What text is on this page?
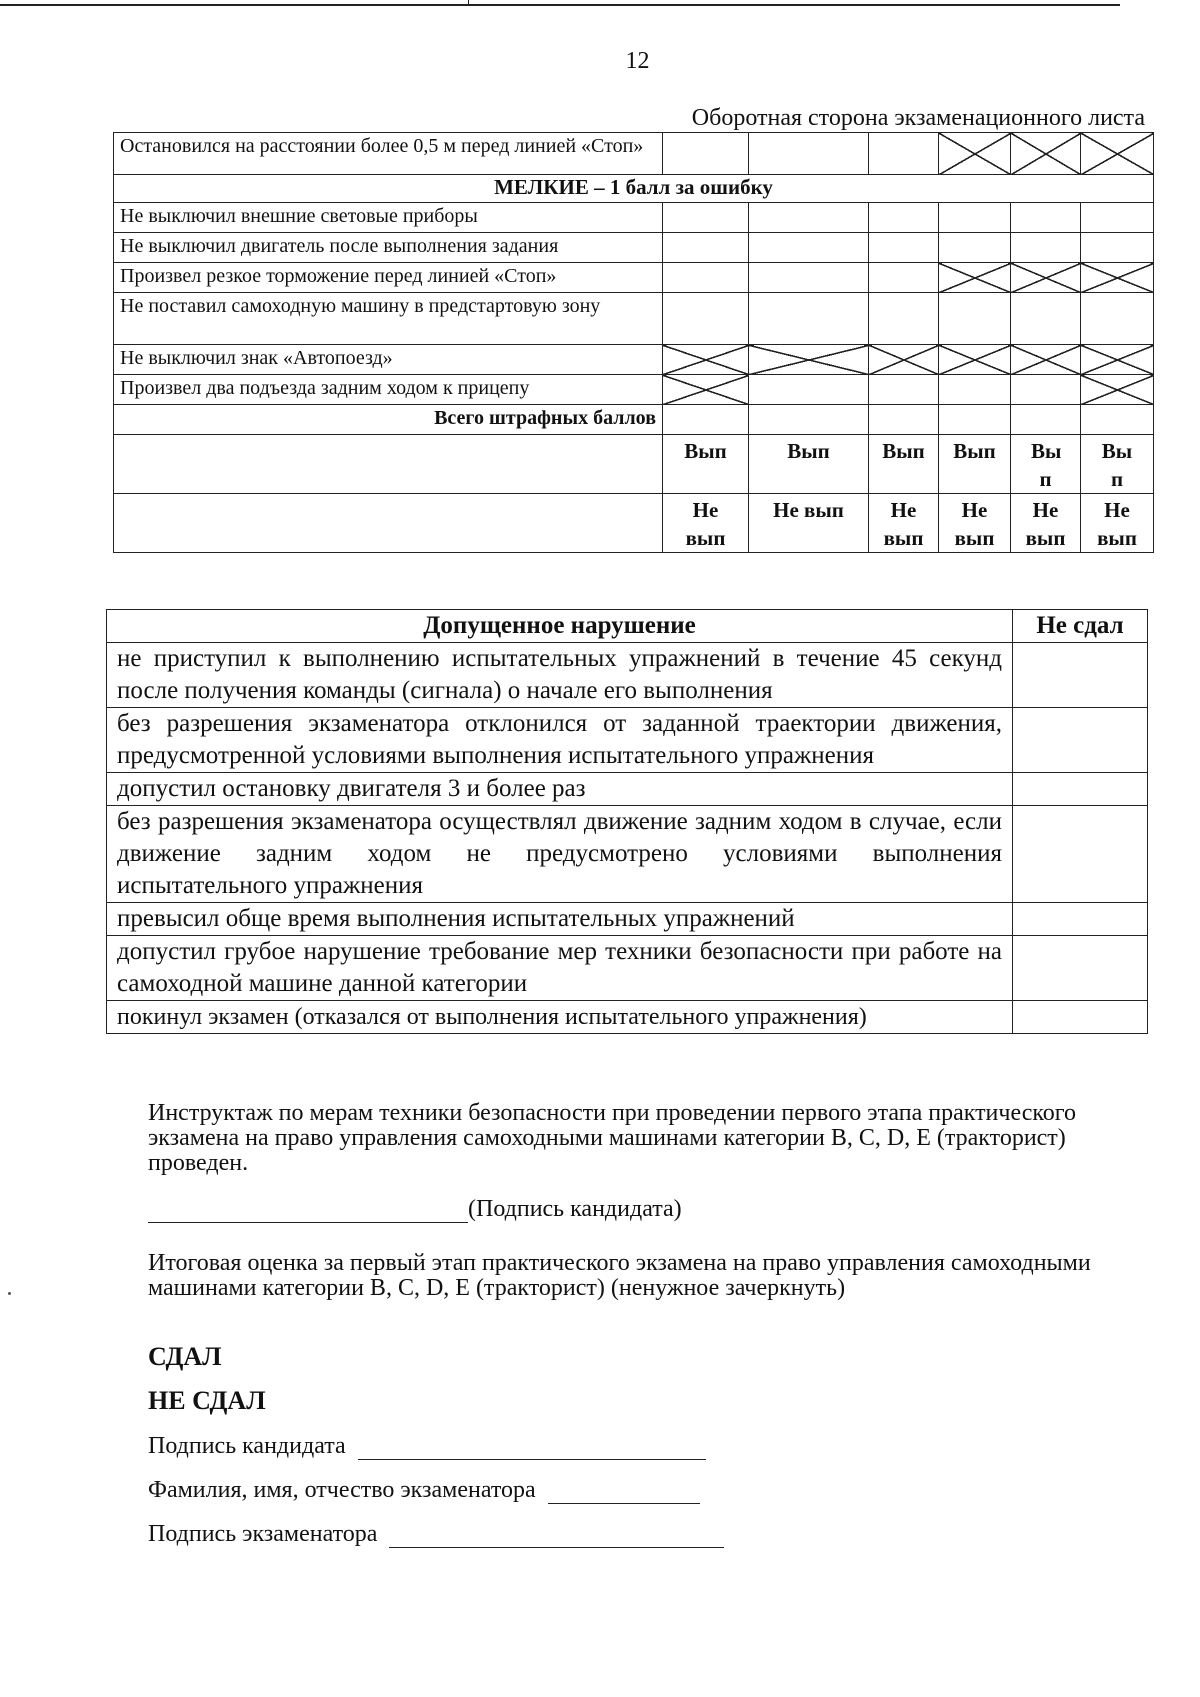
12
Оборотная сторона экзаменационного листа
Остановился на расстоянии более 0,5 м перед линией «Стоп»						
МЕЛКИЕ – 1 балл за ошибку						
Не выключил внешние световые приборы						
Не выключил двигатель после выполнения задания						
Произвел резкое торможение перед линией «Стоп»						
Не поставил самоходную машину в предстартовую зону						
Не выключил знак «Автопоезд»						
Произвел два подъезда задним ходом к прицепу						
Всего штрафных баллов						
	Вып	Вып	Вып	Вып	Вы п	Вы п
	Не вып	Не вып	Не вып	Не вып	Не вып	Не вып
Допущенное нарушение	Не сдал
не приступил к выполнению испытательных упражнений в течение 45 секунд после получения команды (сигнала) о начале его выполнения	
без разрешения экзаменатора отклонился от заданной траектории движения, предусмотренной условиями выполнения испытательного упражнения	
допустил остановку двигателя 3 и более раз	
без разрешения экзаменатора осуществлял движение задним ходом в случае, если движение задним ходом не предусмотрено условиями выполнения испытательного упражнения	
превысил обще время выполнения испытательных упражнений	
допустил грубое нарушение требование мер техники безопасности при работе на самоходной машине данной категории	
покинул экзамен (отказался от выполнения испытательного упражнения)	
Инструктаж по мерам техники безопасности при проведении первого этапа практического экзамена на право управления самоходными машинами категории В, С, D, Е (тракторист) проведен.
(Подпись кандидата)
Итоговая оценка за первый этап практического экзамена на право управления самоходными машинами категории В, С, D, Е (тракторист) (ненужное зачеркнуть)
СДАЛ
НЕ СДАЛ
Подпись кандидата
Фамилия, имя, отчество экзаменатора
Подпись экзаменатора
